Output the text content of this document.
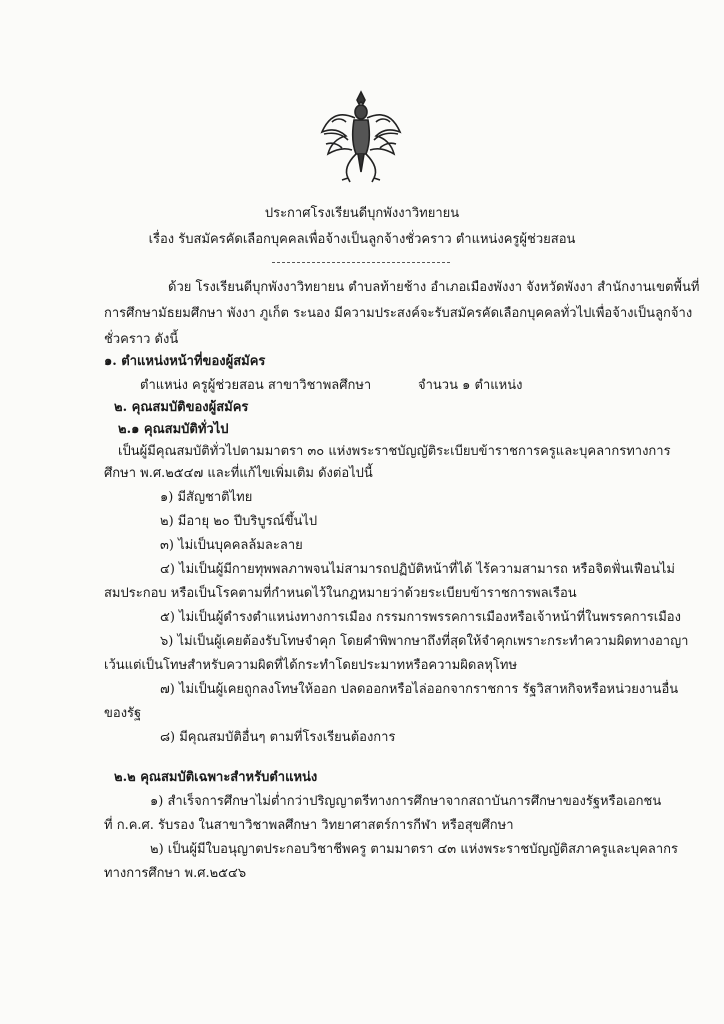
ประกาศโรงเรียนดีบุกพังงาวิทยายน
เรื่อง รับสมัครคัดเลือกบุคคลเพื่อจ้างเป็นลูกจ้างชั่วคราว ตำแหน่งครูผู้ช่วยสอน
ด้วย โรงเรียนดีบุกพังงาวิทยายน ตำบลท้ายช้าง อำเภอเมืองพังงา จังหวัดพังงา สำนักงานเขตพื้นที่
การศึกษามัธยมศึกษา พังงา ภูเก็ต ระนอง มีความประสงค์จะรับสมัครคัดเลือกบุคคลทั่วไปเพื่อจ้างเป็นลูกจ้าง
ชั่วคราว ดังนี้
๑. ตำแหน่งหน้าที่ของผู้สมัคร
ตำแหน่ง ครูผู้ช่วยสอน สาขาวิชาพลศึกษา	จำนวน ๑ ตำแหน่ง
๒. คุณสมบัติของผู้สมัคร
๒.๑ คุณสมบัติทั่วไป
เป็นผู้มีคุณสมบัติทั่วไปตามมาตรา ๓๐ แห่งพระราชบัญญัติระเบียบข้าราชการครูและบุคลากรทางการ
ศึกษา พ.ศ.๒๕๔๗ และที่แก้ไขเพิ่มเติม ดังต่อไปนี้
๑) มีสัญชาติไทย
๒) มีอายุ ๒๐ ปีบริบูรณ์ขึ้นไป
๓) ไม่เป็นบุคคลล้มละลาย
๔) ไม่เป็นผู้มีกายทุพพลภาพจนไม่สามารถปฏิบัติหน้าที่ได้ ไร้ความสามารถ หรือจิตฟั่นเฟือนไม่
สมประกอบ หรือเป็นโรคตามที่กำหนดไว้ในกฎหมายว่าด้วยระเบียบข้าราชการพลเรือน
๕) ไม่เป็นผู้ดำรงตำแหน่งทางการเมือง กรรมการพรรคการเมืองหรือเจ้าหน้าที่ในพรรคการเมือง
๖) ไม่เป็นผู้เคยต้องรับโทษจำคุก โดยคำพิพากษาถึงที่สุดให้จำคุกเพราะกระทำความผิดทางอาญา
เว้นแต่เป็นโทษสำหรับความผิดที่ได้กระทำโดยประมาทหรือความผิดลหุโทษ
๗) ไม่เป็นผู้เคยถูกลงโทษให้ออก ปลดออกหรือไล่ออกจากราชการ รัฐวิสาหกิจหรือหน่วยงานอื่น
ของรัฐ
๘) มีคุณสมบัติอื่นๆ ตามที่โรงเรียนต้องการ
๒.๒ คุณสมบัติเฉพาะสำหรับตำแหน่ง
๑) สำเร็จการศึกษาไม่ต่ำกว่าปริญญาตรีทางการศึกษาจากสถาบันการศึกษาของรัฐหรือเอกชน
ที่ ก.ค.ศ. รับรอง ในสาขาวิชาพลศึกษา วิทยาศาสตร์การกีฬา หรือสุขศึกษา
๒) เป็นผู้มีใบอนุญาตประกอบวิชาชีพครู ตามมาตรา ๔๓ แห่งพระราชบัญญัติสภาครูและบุคลากร
ทางการศึกษา พ.ศ.๒๕๔๖
